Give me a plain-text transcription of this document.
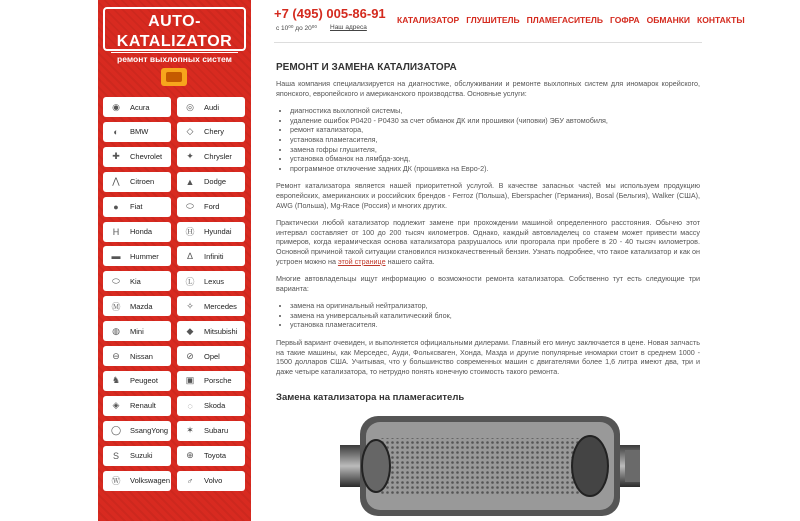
AUTO-KATALIZATOR
ремонт выхлопных систем
◉	Acura	◎	Audi
◐	BMW	◇	Chery
✚	Chevrolet	✦	Chrysler
⋀	Citroen	▲	Dodge
●	Fiat	⬭	Ford
H	Honda	Ⓗ	Hyundai
▬	Hummer	∆	Infiniti
⬭	Kia	Ⓛ	Lexus
Ⓜ	Mazda	✧	Mercedes
◍	Mini	◆	Mitsubishi
⊖	Nissan	⊘	Opel
♞	Peugeot	▣	Porsche
◈	Renault	◌	Skoda
◯	SsangYong	✶	Subaru
S	Suzuki	⊕	Toyota
Ⓦ	Volkswagen	♂	Volvo
+7 (495) 005-86-91
с 10⁰⁰ до 20⁰⁰ Наш адреса
КАТАЛИЗАТОР ГЛУШИТЕЛЬ ПЛАМЕГАСИТЕЛЬ ГОФРА ОБМАНКИ КОНТАКТЫ
РЕМОНТ И ЗАМЕНА КАТАЛИЗАТОРА

Наша компания специализируется на диагностике, обслуживании и ремонте выхлопных систем для иномарок корейского, японского, европейского и американского производства. Основные услуги:

• диагностика выхлопной системы,
• удаление ошибок P0420 - P0430 за счет обманок ДК или прошивки (чиповки) ЭБУ автомобиля,
• ремонт катализатора,
• установка пламегасителя,
• замена гофры глушителя,
• установка обманок на лямбда-зонд,
• программное отключение задних ДК (прошивка на Евро-2).

Ремонт катализатора является нашей приоритетной услугой. В качестве запасных частей мы используем продукцию европейских, американских и российских брендов - Ferroz (Польша), Eberspacher (Германия), Bosal (Бельгия), Walker (США), AWG (Польша), Mg-Race (Россия) и многих других.

Практически любой катализатор подлежит замене при прохождении машиной определенного расстояния. Обычно этот интервал составляет от 100 до 200 тысяч километров. Однако, каждый автовладелец со стажем может привести массу примеров, когда керамическая основа катализатора разрушалось или прогорала при пробеге в 20 - 40 тысяч километров. Основной причиной такой ситуации становился низкокачественный бензин. Узнать подробнее, что такое катализатор и как он устроен можно на этой странице нашего сайта.

Многие автовладельцы ищут информацию о возможности ремонта катализатора. Собственно тут есть следующие три варианта:

• замена на оригинальный нейтрализатор,
• замена на универсальный каталитический блок,
• установка пламегасителя.

Первый вариант очевиден, и выполняется официальными дилерами. Главный его минус заключается в цене. Новая запчасть на такие машины, как Мерседес, Ауди, Фольксваген, Хонда, Мазда и другие популярные иномарки стоит в среднем 1000 - 1500 долларов США. Учитывая, что у большинство современных машин с двигателями более 1,6 литра имеют два, три и даже четыре катализатора, то нетрудно понять конечную стоимость такого ремонта.

Замена катализатора на пламегаситель
